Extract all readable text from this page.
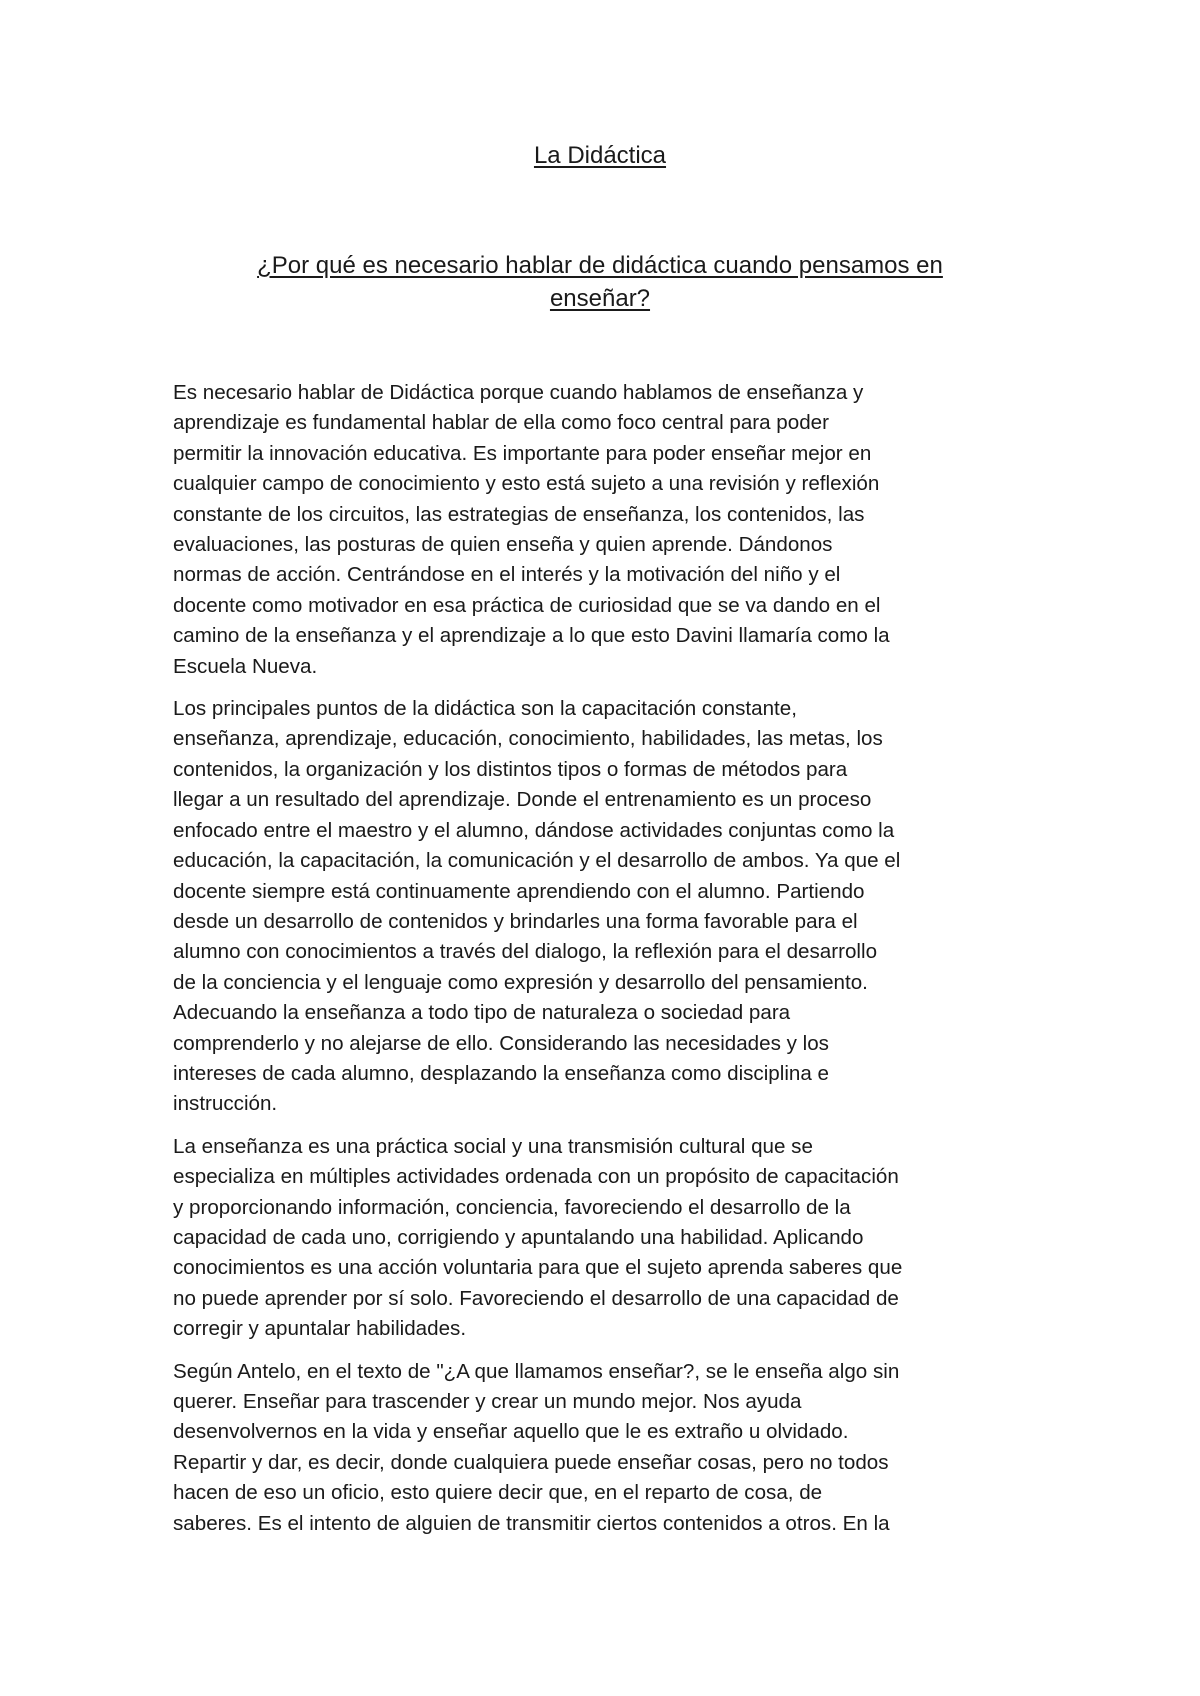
La Didáctica
¿Por qué es necesario hablar de didáctica cuando pensamos en
enseñar?

Es necesario hablar de Didáctica porque cuando hablamos de enseñanza y
aprendizaje es fundamental hablar de ella como foco central para poder
permitir la innovación educativa. Es importante para poder enseñar mejor en
cualquier campo de conocimiento y esto está sujeto a una revisión y reflexión
constante de los circuitos, las estrategias de enseñanza, los contenidos, las
evaluaciones, las posturas de quien enseña y quien aprende. Dándonos
normas de acción. Centrándose en el interés y la motivación del niño y el
docente como motivador en esa práctica de curiosidad que se va dando en el
camino de la enseñanza y el aprendizaje a lo que esto Davini llamaría como la
Escuela Nueva.

Los principales puntos de la didáctica son la capacitación constante,
enseñanza, aprendizaje, educación, conocimiento, habilidades, las metas, los
contenidos, la organización y los distintos tipos o formas de métodos para
llegar a un resultado del aprendizaje. Donde el entrenamiento es un proceso
enfocado entre el maestro y el alumno, dándose actividades conjuntas como la
educación, la capacitación, la comunicación y el desarrollo de ambos. Ya que el
docente siempre está continuamente aprendiendo con el alumno. Partiendo
desde un desarrollo de contenidos y brindarles una forma favorable para el
alumno con conocimientos a través del dialogo, la reflexión para el desarrollo
de la conciencia y el lenguaje como expresión y desarrollo del pensamiento.
Adecuando la enseñanza a todo tipo de naturaleza o sociedad para
comprenderlo y no alejarse de ello. Considerando las necesidades y los
intereses de cada alumno, desplazando la enseñanza como disciplina e
instrucción.

La enseñanza es una práctica social y una transmisión cultural que se
especializa en múltiples actividades ordenada con un propósito de capacitación
y proporcionando información, conciencia, favoreciendo el desarrollo de la
capacidad de cada uno, corrigiendo y apuntalando una habilidad. Aplicando
conocimientos es una acción voluntaria para que el sujeto aprenda saberes que
no puede aprender por sí solo. Favoreciendo el desarrollo de una capacidad de
corregir y apuntalar habilidades.

Según Antelo, en el texto de "¿A que llamamos enseñar?, se le enseña algo sin
querer. Enseñar para trascender y crear un mundo mejor. Nos ayuda
desenvolvernos en la vida y enseñar aquello que le es extraño u olvidado.
Repartir y dar, es decir, donde cualquiera puede enseñar cosas, pero no todos
hacen de eso un oficio, esto quiere decir que, en el reparto de cosa, de
saberes. Es el intento de alguien de transmitir ciertos contenidos a otros. En la
